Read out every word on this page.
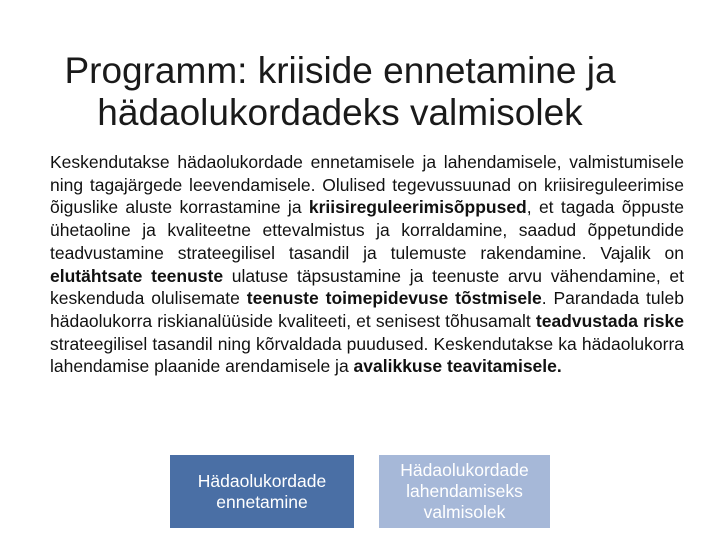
Programm: kriiside ennetamine ja
hädaolukordadeks valmisolek

Keskendutakse hädaolukordade ennetamisele ja lahendamisele, valmistumisele ning tagajärgede leevendamisele. Olulised tegevussuunad on kriisireguleerimise õiguslike aluste korrastamine ja kriisireguleerimisõppused, et tagada õppuste ühetaoline ja kvaliteetne ettevalmistus ja korraldamine, saadud õppetundide teadvustamine strateegilisel tasandil ja tulemuste rakendamine. Vajalik on elutähtsate teenuste ulatuse täpsustamine ja teenuste arvu vähendamine, et keskenduda olulisemate teenuste toimepidevuse tõstmisele. Parandada tuleb hädaolukorra riskianalüüside kvaliteeti, et senisest tõhusamalt teadvustada riske strateegilisel tasandil ning kõrvaldada puudused. Keskendutakse ka hädaolukorra lahendamise plaanide arendamisele ja avalikkuse teavitamisele.

Hädaolukordade
ennetamine
Hädaolukordade
lahendamiseks
valmisolek
